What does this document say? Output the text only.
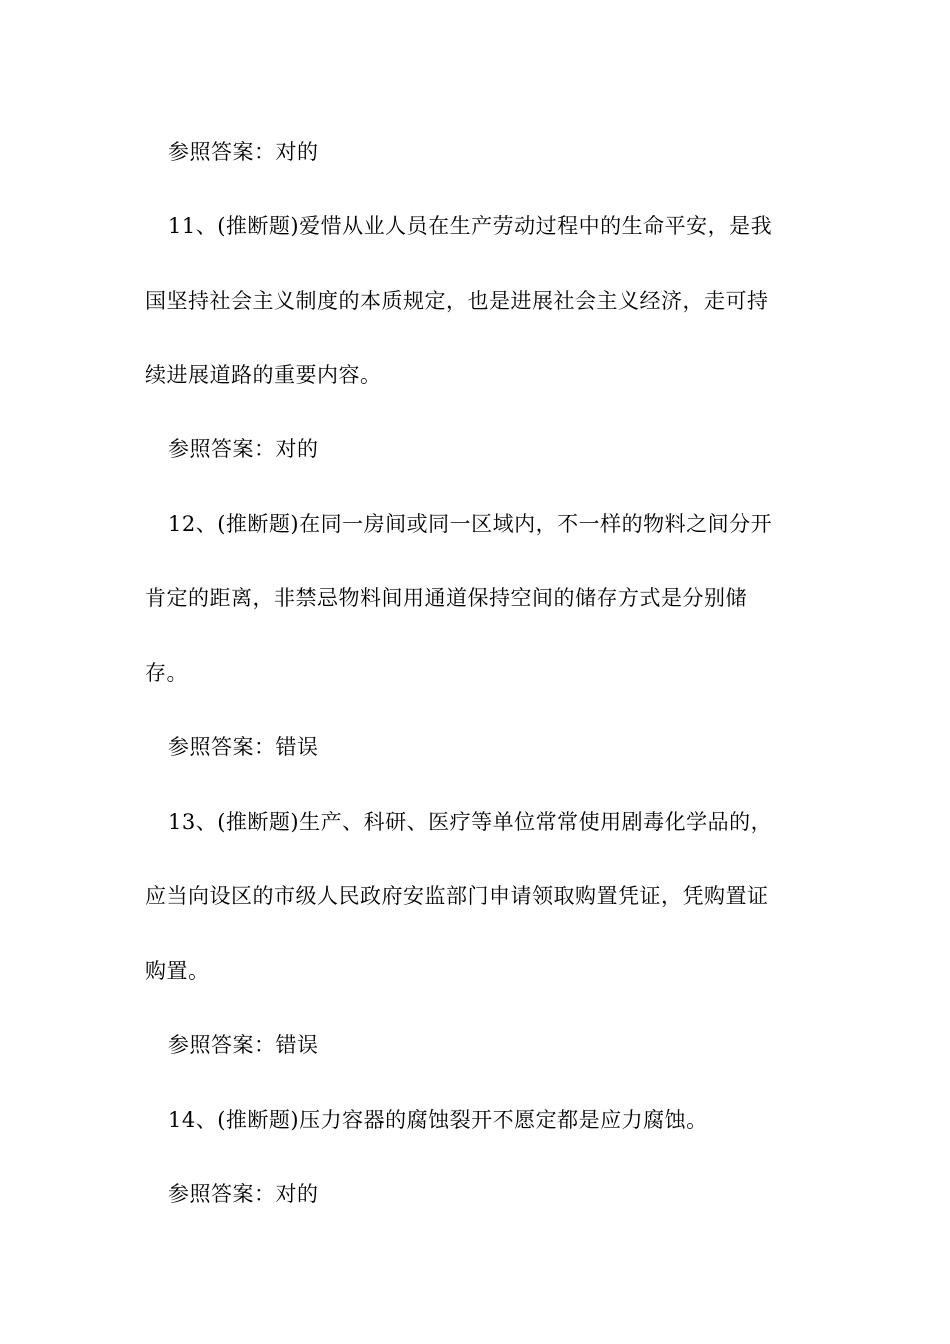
参照答案：对的
11、(推断题)爱惜从业人员在生产劳动过程中的生命平安，是我
国坚持社会主义制度的本质规定，也是进展社会主义经济，走可持
续进展道路的重要内容。
参照答案：对的
12、(推断题)在同一房间或同一区域内，不一样的物料之间分开
肯定的距离，非禁忌物料间用通道保持空间的储存方式是分别储
存。
参照答案：错误
13、(推断题)生产、科研、医疗等单位常常使用剧毒化学品的，
应当向设区的市级人民政府安监部门申请领取购置凭证，凭购置证
购置。
参照答案：错误
14、(推断题)压力容器的腐蚀裂开不愿定都是应力腐蚀。
参照答案：对的
